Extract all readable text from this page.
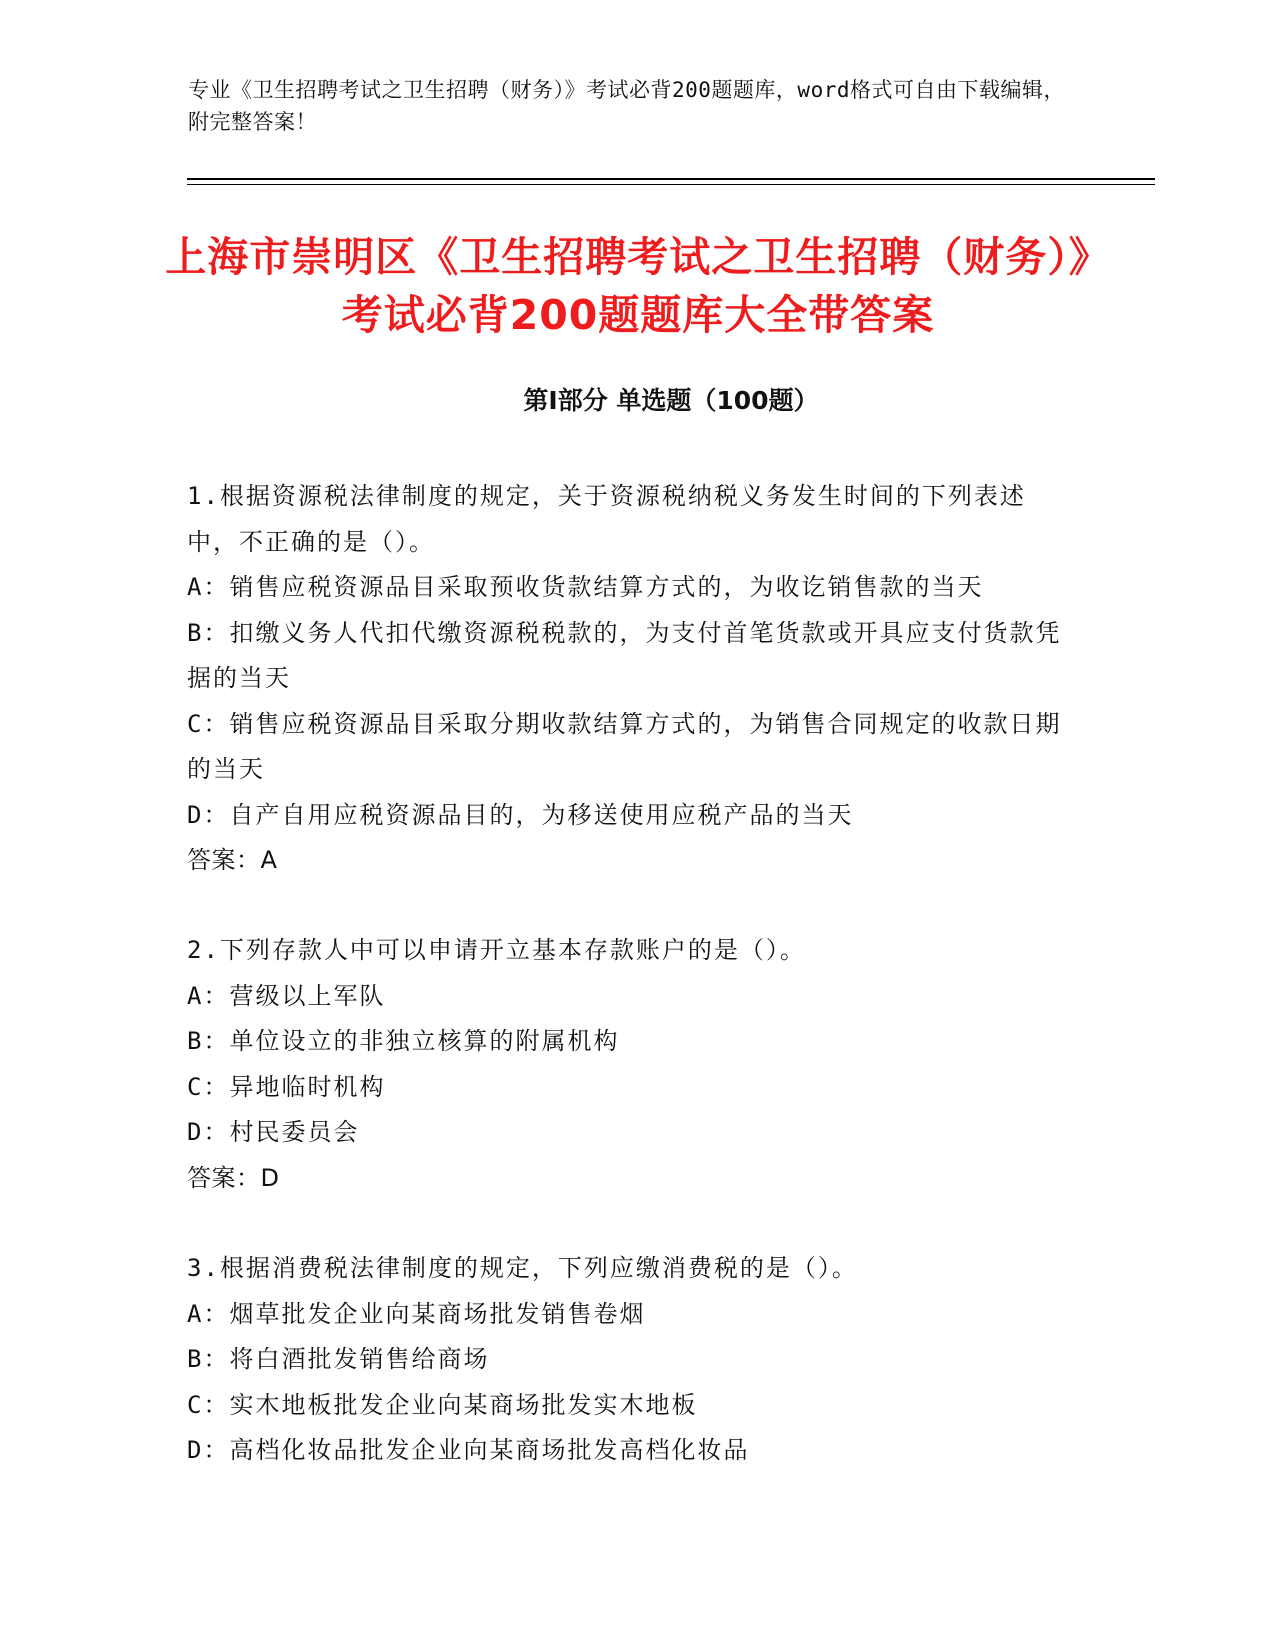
专业《卫生招聘考试之卫生招聘（财务）》考试必背200题题库，word格式可自由下载编辑，附完整答案！
上海市崇明区《卫生招聘考试之卫生招聘（财务）》考试必背200题题库大全带答案
第Ⅰ部分 单选题（100题）

1.根据资源税法律制度的规定，关于资源税纳税义务发生时间的下列表述中，不正确的是（）。

A：销售应税资源品目采取预收货款结算方式的，为收讫销售款的当天

B：扣缴义务人代扣代缴资源税税款的，为支付首笔货款或开具应支付货款凭据的当天

C：销售应税资源品目采取分期收款结算方式的，为销售合同规定的收款日期的当天

D：自产自用应税资源品目的，为移送使用应税产品的当天

答案：A

2.下列存款人中可以申请开立基本存款账户的是（）。

A：营级以上军队

B：单位设立的非独立核算的附属机构

C：异地临时机构

D：村民委员会

答案：D

3.根据消费税法律制度的规定，下列应缴消费税的是（）。

A：烟草批发企业向某商场批发销售卷烟

B：将白酒批发销售给商场

C：实木地板批发企业向某商场批发实木地板

D：高档化妆品批发企业向某商场批发高档化妆品
